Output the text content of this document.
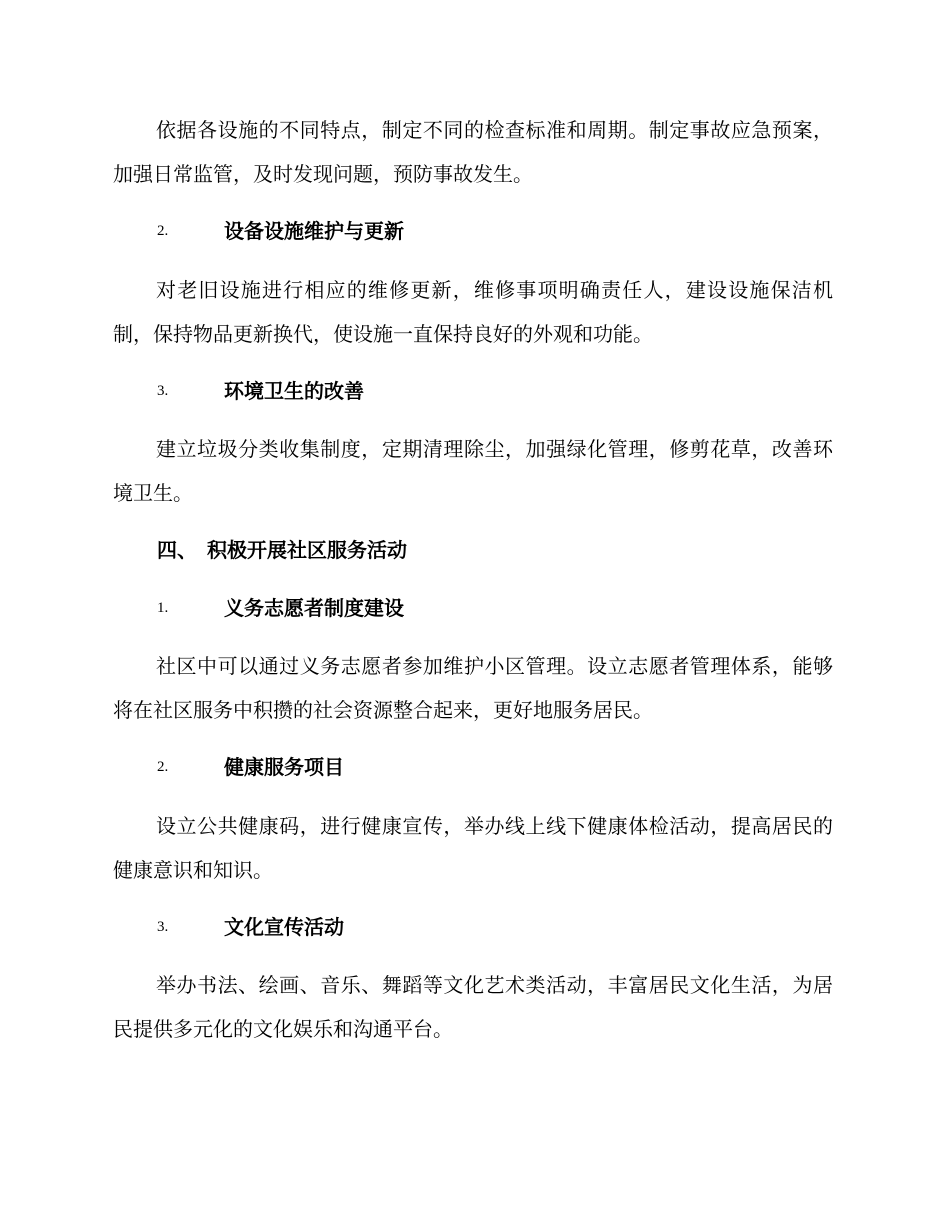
依据各设施的不同特点，制定不同的检查标准和周期。制定事故应急预案，加强日常监管，及时发现问题，预防事故发生。

2.	设备设施维护与更新

对老旧设施进行相应的维修更新，维修事项明确责任人，建设设施保洁机制，保持物品更新换代，使设施一直保持良好的外观和功能。

3.	环境卫生的改善

建立垃圾分类收集制度，定期清理除尘，加强绿化管理，修剪花草，改善环境卫生。

四、 积极开展社区服务活动
1.	义务志愿者制度建设

社区中可以通过义务志愿者参加维护小区管理。设立志愿者管理体系，能够将在社区服务中积攒的社会资源整合起来，更好地服务居民。

2.	健康服务项目

设立公共健康码，进行健康宣传，举办线上线下健康体检活动，提高居民的健康意识和知识。

3.	文化宣传活动

举办书法、绘画、音乐、舞蹈等文化艺术类活动，丰富居民文化生活，为居民提供多元化的文化娱乐和沟通平台。
